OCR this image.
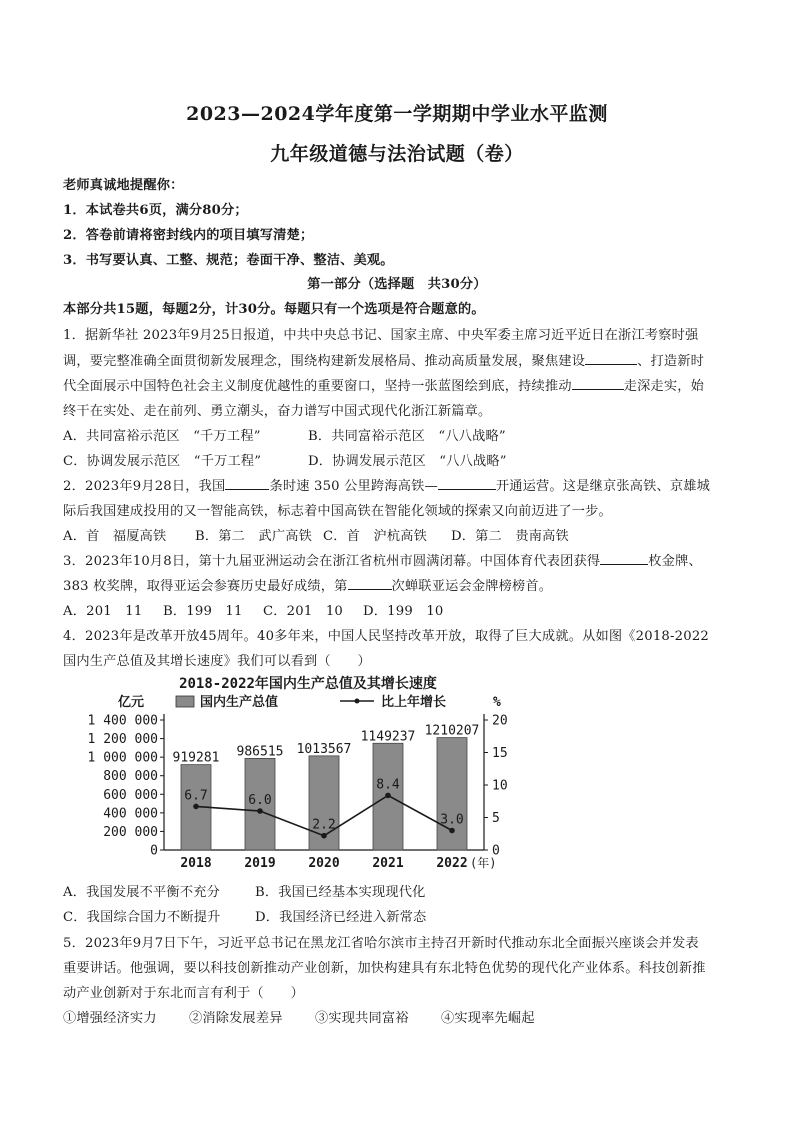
2023—2024学年度第一学期期中学业水平监测
九年级道德与法治试题（卷）
老师真诚地提醒你：
1．本试卷共6页，满分80分；
2．答卷前请将密封线内的项目填写清楚；
3．书写要认真、工整、规范；卷面干净、整洁、美观。
第一部分（选择题　共30分）
本部分共15题，每题2分，计30分。每题只有一个选项是符合题意的。
1．据新华社 2023年9月25日报道，中共中央总书记、国家主席、中央军委主席习近平近日在浙江考察时强
调，要完整准确全面贯彻新发展理念，围绕构建新发展格局、推动高质量发展，聚焦建设	、打造新时
代全面展示中国特色社会主义制度优越性的重要窗口，坚持一张蓝图绘到底，持续推动	走深走实，始
终干在实处、走在前列、勇立潮头，奋力谱写中国式现代化浙江新篇章。
A．共同富裕示范区　“千万工程”	B．共同富裕示范区　“八八战略”
C．协调发展示范区　“千万工程”	D．协调发展示范区　“八八战略”
2．2023年9月28日，我国	条时速 350 公里跨海高铁—	开通运营。这是继京张高铁、京雄城
际后我国建成投用的又一智能高铁，标志着中国高铁在智能化领域的探索又向前迈进了一步。
A．首　福厦高铁 B．第二　武广高铁 C．首　沪杭高铁 D．第二　贵南高铁
3．2023年10月8日，第十九届亚洲运动会在浙江省杭州市圆满闭幕。中国体育代表团获得	枚金牌、
383 枚奖牌，取得亚运会参赛历史最好成绩，第	次蝉联亚运会金牌榜榜首。
A．201　11 B．199　11 C．201　10 D．199　10
4．2023年是改革开放45周年。40多年来，中国人民坚持改革开放，取得了巨大成就。从如图《2018-2022
国内生产总值及其增长速度》我们可以看到（　　）
2018-2022年国内生产总值及其增长速度
亿元	国内生产总值	比上年增长	%
0
200 000
400 000
600 000
800 000
1 000 000
1 200 000
1 400 000
0
5
10
15
20
919281 986515 1013567
1149237 1210207
6.7	6.0
2.2
8.4
3.0
2018	2019	2020	2021	2022 (年)
A．我国发展不平衡不充分	B．我国已经基本实现现代化
C．我国综合国力不断提升	D．我国经济已经进入新常态
5．2023年9月7日下午，习近平总书记在黑龙江省哈尔滨市主持召开新时代推动东北全面振兴座谈会并发表
重要讲话。他强调，要以科技创新推动产业创新，加快构建具有东北特色优势的现代化产业体系。科技创新推
动产业创新对于东北而言有利于（　　）
①增强经济实力 ②消除发展差异 ③实现共同富裕 ④实现率先崛起
